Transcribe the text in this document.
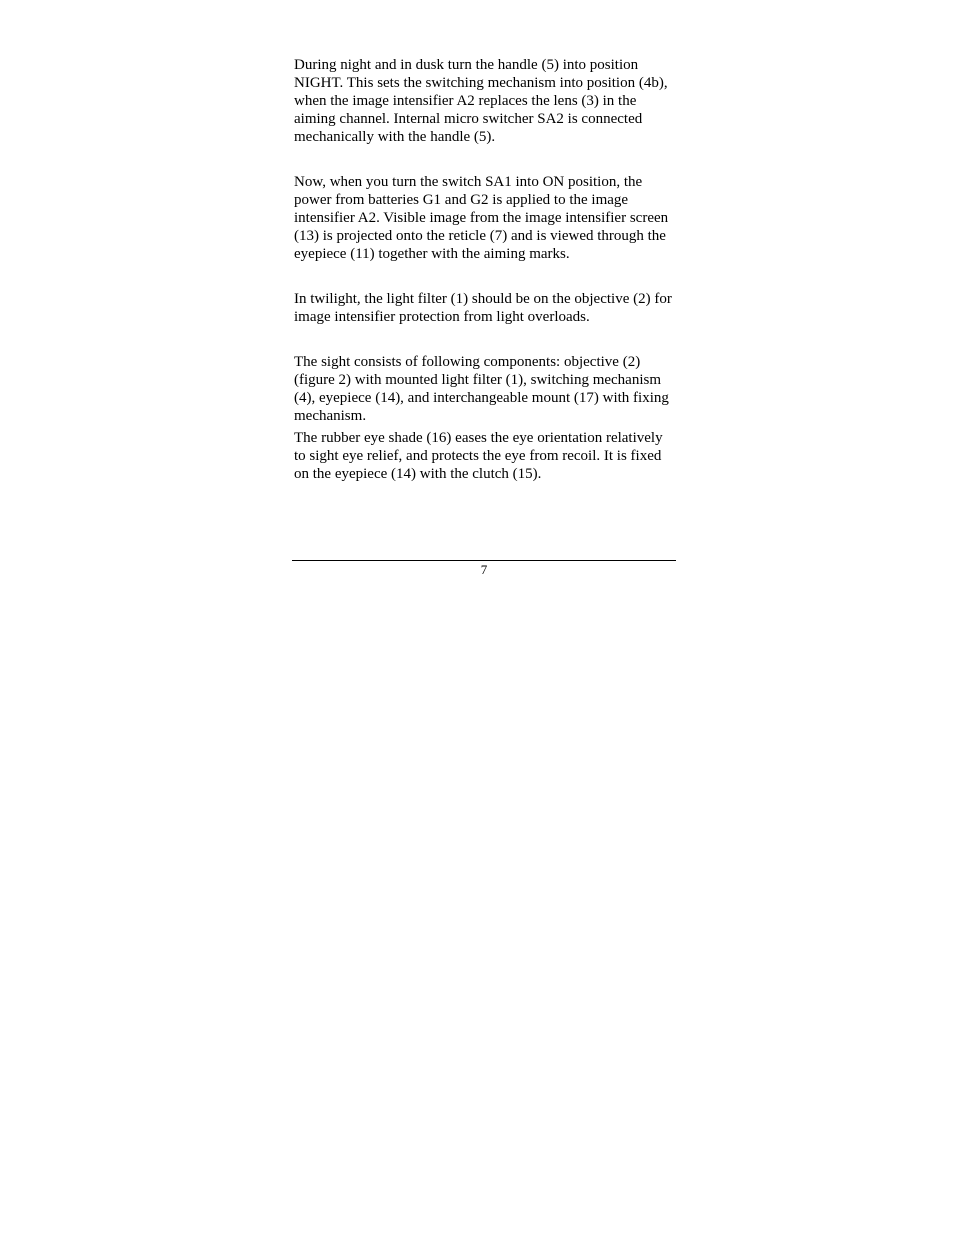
During night and in dusk turn the handle (5) into position NIGHT. This sets the switching mechanism into position (4b), when the image intensifier A2 replaces the lens (3) in the aiming channel. Internal micro switcher SA2 is connected mechanically with the handle (5).

Now, when you turn the switch SA1 into ON position, the power from batteries G1 and G2 is applied to the image intensifier A2. Visible image from the image intensifier screen (13) is projected onto the reticle (7) and is viewed through the eyepiece (11) together with the aiming marks.

In twilight, the light filter (1) should be on the objective (2) for image intensifier protection from light overloads.

The sight consists of following components: objective (2) (figure 2) with mounted light filter (1), switching mechanism (4), eyepiece (14), and interchangeable mount (17) with fixing mechanism.

The rubber eye shade (16) eases the eye orientation relatively to sight eye relief, and protects the eye from recoil. It is fixed on the eyepiece (14) with the clutch (15).

7
